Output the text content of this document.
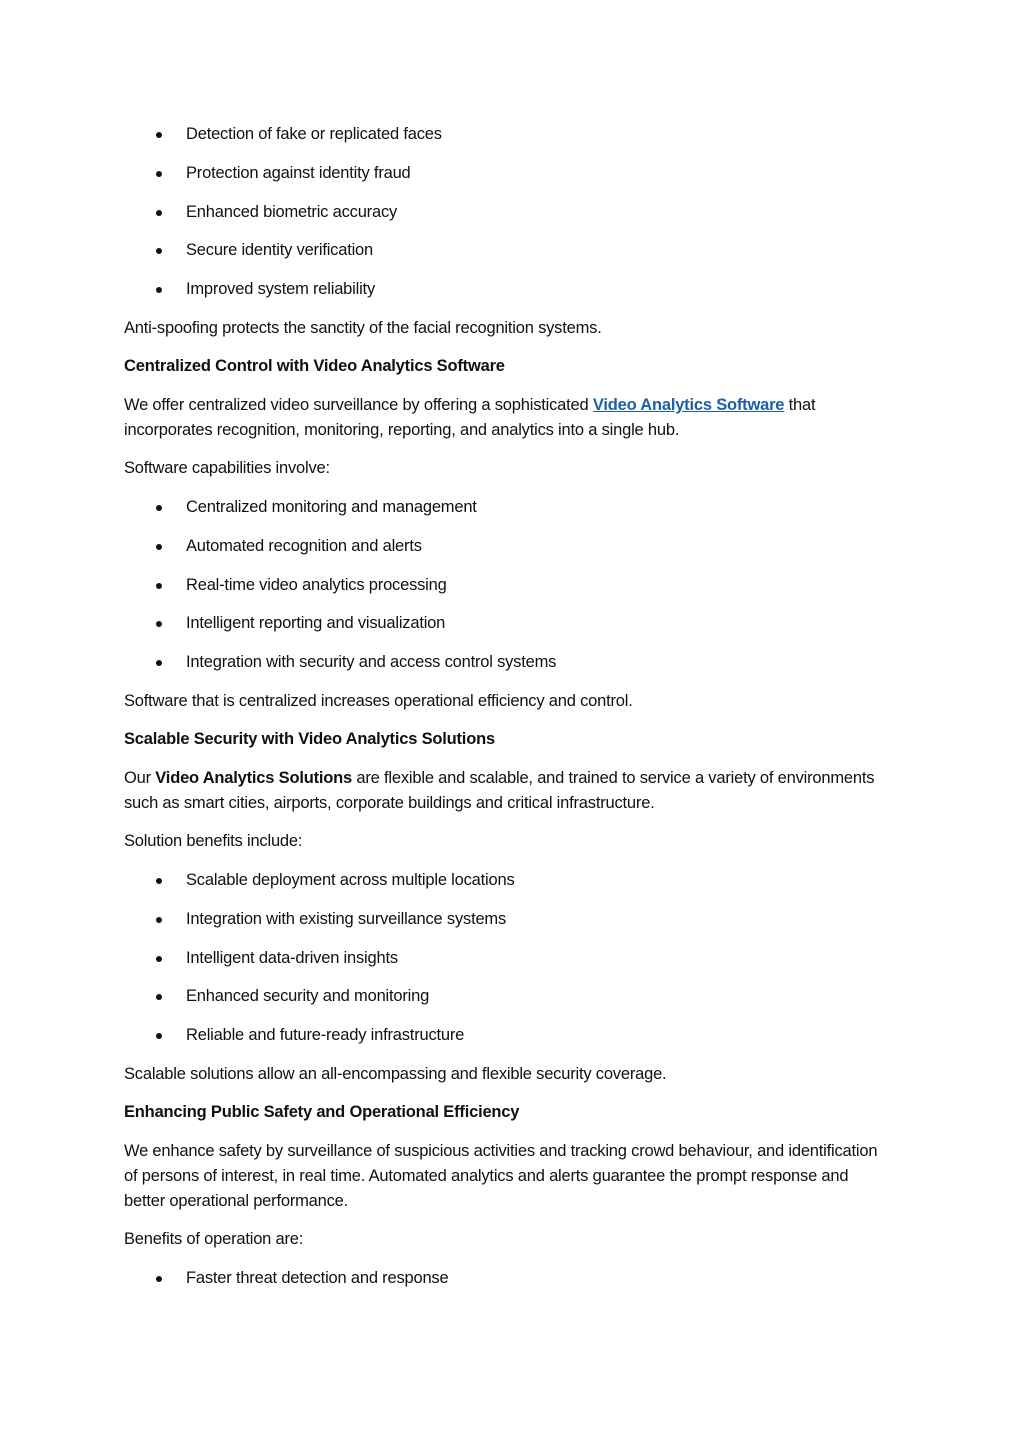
Detection of fake or replicated faces
Protection against identity fraud
Enhanced biometric accuracy
Secure identity verification
Improved system reliability

Anti-spoofing protects the sanctity of the facial recognition systems.

Centralized Control with Video Analytics Software

We offer centralized video surveillance by offering a sophisticated Video Analytics Software that incorporates recognition, monitoring, reporting, and analytics into a single hub.

Software capabilities involve:

Centralized monitoring and management
Automated recognition and alerts
Real-time video analytics processing
Intelligent reporting and visualization
Integration with security and access control systems

Software that is centralized increases operational efficiency and control.

Scalable Security with Video Analytics Solutions

Our Video Analytics Solutions are flexible and scalable, and trained to service a variety of environments such as smart cities, airports, corporate buildings and critical infrastructure.

Solution benefits include:

Scalable deployment across multiple locations
Integration with existing surveillance systems
Intelligent data-driven insights
Enhanced security and monitoring
Reliable and future-ready infrastructure

Scalable solutions allow an all-encompassing and flexible security coverage.

Enhancing Public Safety and Operational Efficiency

We enhance safety by surveillance of suspicious activities and tracking crowd behaviour, and identification of persons of interest, in real time. Automated analytics and alerts guarantee the prompt response and better operational performance.

Benefits of operation are:

Faster threat detection and response
